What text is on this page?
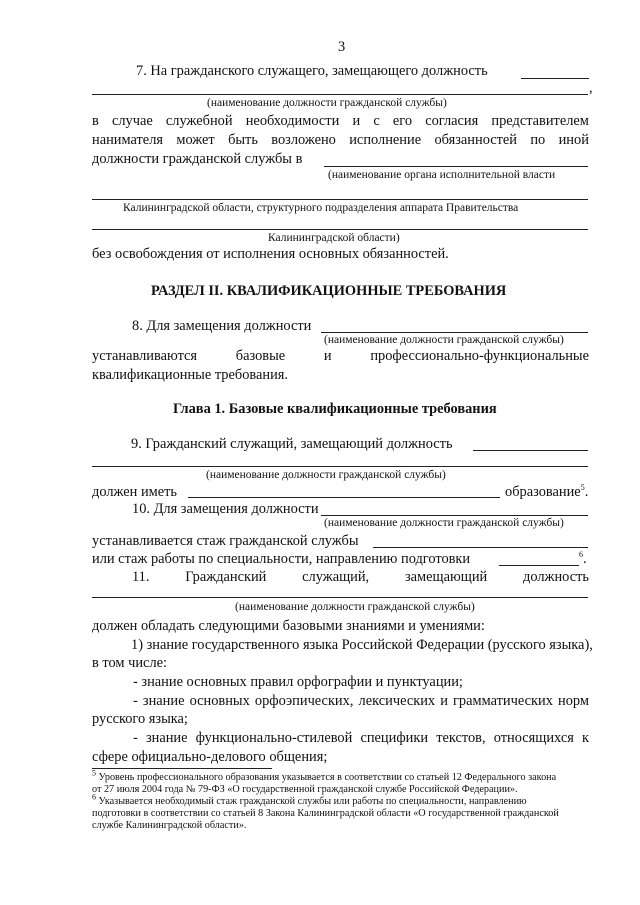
3
7. На гражданского служащего, замещающего должность
,
(наименование должности гражданской службы)
в случае служебной необходимости и с его согласия представителем
нанимателя может быть возложено исполнение обязанностей по иной
должности гражданской службы в
(наименование органа исполнительной власти
Калининградской области, структурного подразделения аппарата Правительства
Калининградской области)
без освобождения от исполнения основных обязанностей.
РАЗДЕЛ II. КВАЛИФИКАЦИОННЫЕ ТРЕБОВАНИЯ
8. Для замещения должности
(наименование должности гражданской службы)
устанавливаются	базовые	и	профессионально-функциональные
квалификационные требования.
Глава 1. Базовые квалификационные требования
9. Гражданский служащий, замещающий должность
(наименование должности гражданской службы)
должен иметь	образование$^5$.
10. Для замещения должности
(наименование должности гражданской службы)
устанавливается стаж гражданской службы
или стаж работы по специальности, направлению подготовки	$^6$.
11. Гражданский служащий, замещающий должность
(наименование должности гражданской службы)
должен обладать следующими базовыми знаниями и умениями:
1) знание государственного языка Российской Федерации (русского языка),
в том числе:
- знание основных правил орфографии и пунктуации;
- знание основных орфоэпических, лексических и грамматических норм
русского языка;
- знание функционально-стилевой специфики текстов, относящихся к
сфере официально-делового общения;
$^5$ Уровень профессионального образования указывается в соответствии со статьей 12 Федерального закона
от 27 июля 2004 года № 79-ФЗ «О государственной гражданской службе Российской Федерации».
$^6$ Указывается необходимый стаж гражданской службы или работы по специальности, направлению
подготовки в соответствии со статьей 8 Закона Калининградской области «О государственной гражданской
службе Калининградской области».
